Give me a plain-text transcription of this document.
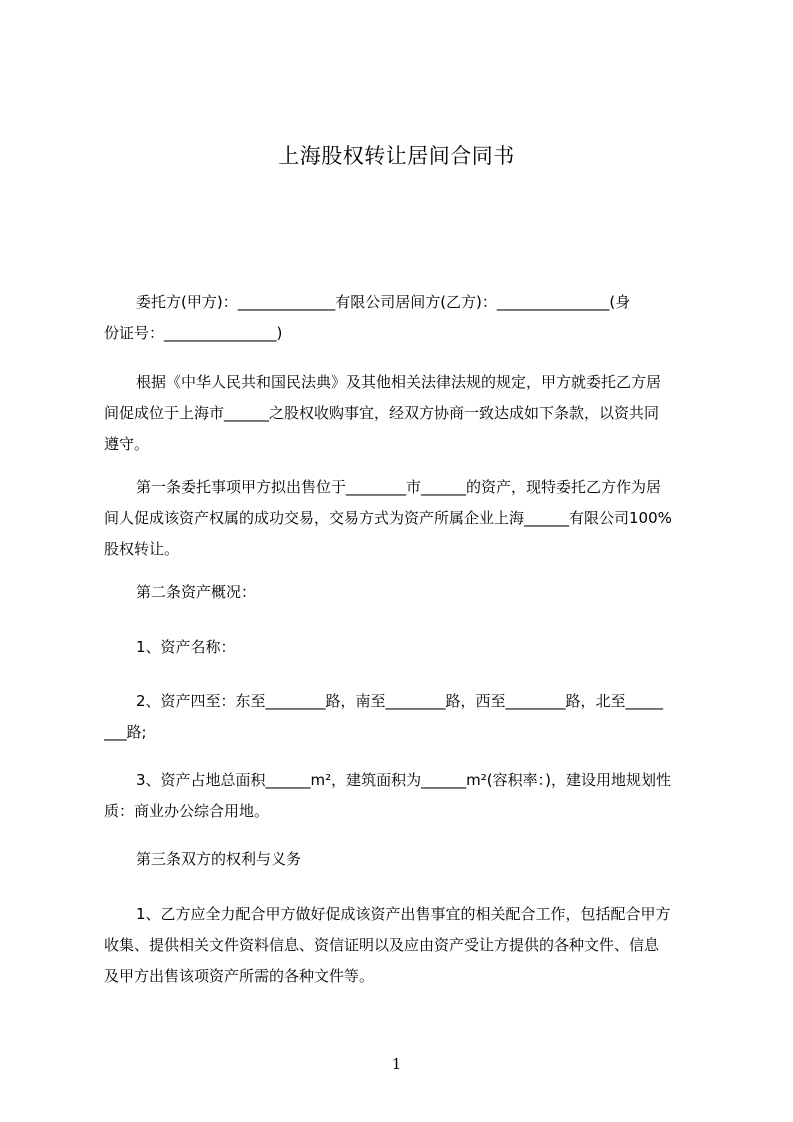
上海股权转让居间合同书

委托方(甲方)：_____________有限公司居间方(乙方)：_______________(身
份证号：_______________)

根据《中华人民共和国民法典》及其他相关法律法规的规定，甲方就委托乙方居
间促成位于上海市______之股权收购事宜，经双方协商一致达成如下条款，以资共同
遵守。

第一条委托事项甲方拟出售位于________市______的资产，现特委托乙方作为居
间人促成该资产权属的成功交易，交易方式为资产所属企业上海______有限公司100%
股权转让。

第二条资产概况：

1、资产名称：

2、资产四至：东至________路，南至________路，西至________路，北至_____
___路;

3、资产占地总面积______m²，建筑面积为______m²(容积率：)，建设用地规划性
质：商业办公综合用地。

第三条双方的权利与义务

1、乙方应全力配合甲方做好促成该资产出售事宜的相关配合工作，包括配合甲方
收集、提供相关文件资料信息、资信证明以及应由资产受让方提供的各种文件、信息
及甲方出售该项资产所需的各种文件等。

1
